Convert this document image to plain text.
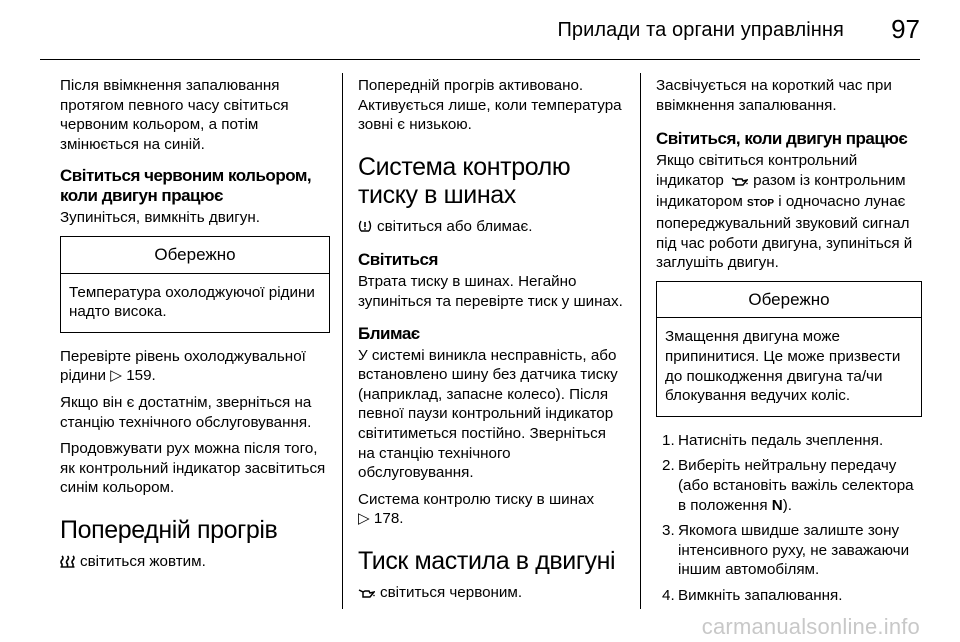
Прилади та органи управління 97

Після ввімкнення запалювання протягом певного часу світиться червоним кольором, а потім змінюється на синій.

Світиться червоним кольором, коли двигун працює

Зупиніться, вимкніть двигун.

Обережно
Температура охолоджуючої рідини надто висока.

Перевірте рівень охолоджувальної рідини ▷ 159.

Якщо він є достатнім, зверніться на станцію технічного обслуговування.

Продовжувати рух можна після того, як контрольний індикатор засвітиться синім кольором.

Попередній прогрів

світиться жовтим.

Попередній прогрів активовано. Активується лише, коли температура зовні є низькою.

Система контролю тиску в шинах

світиться або блимає.

Світиться

Втрата тиску в шинах. Негайно зупиніться та перевірте тиск у шинах.

Блимає

У системі виникла несправність, або встановлено шину без датчика тиску (наприклад, запасне колесо). Після певної паузи контрольний індикатор світитиметься постійно. Зверніться на станцію технічного обслуговування.

Система контролю тиску в шинах
▷ 178.

Тиск мастила в двигуні

світиться червоним.

Засвічується на короткий час при ввімкнення запалювання.

Світиться, коли двигун працює

Якщо світиться контрольний індикатор разом із контрольним індикатором STOP і одночасно лунає попереджувальний звуковий сигнал під час роботи двигуна, зупиніться й заглушіть двигун.

Обережно
Змащення двигуна може припинитися. Це може призвести до пошкодження двигуна та/чи блокування ведучих коліс.
1. Натисніть педаль зчеплення.
2. Виберіть нейтральну передачу (або встановіть важіль селектора в положення N).
3. Якомога швидше залиште зону інтенсивного руху, не заважаючи іншим автомобілям.
4. Вимкніть запалювання.
carmanualsonline.info
